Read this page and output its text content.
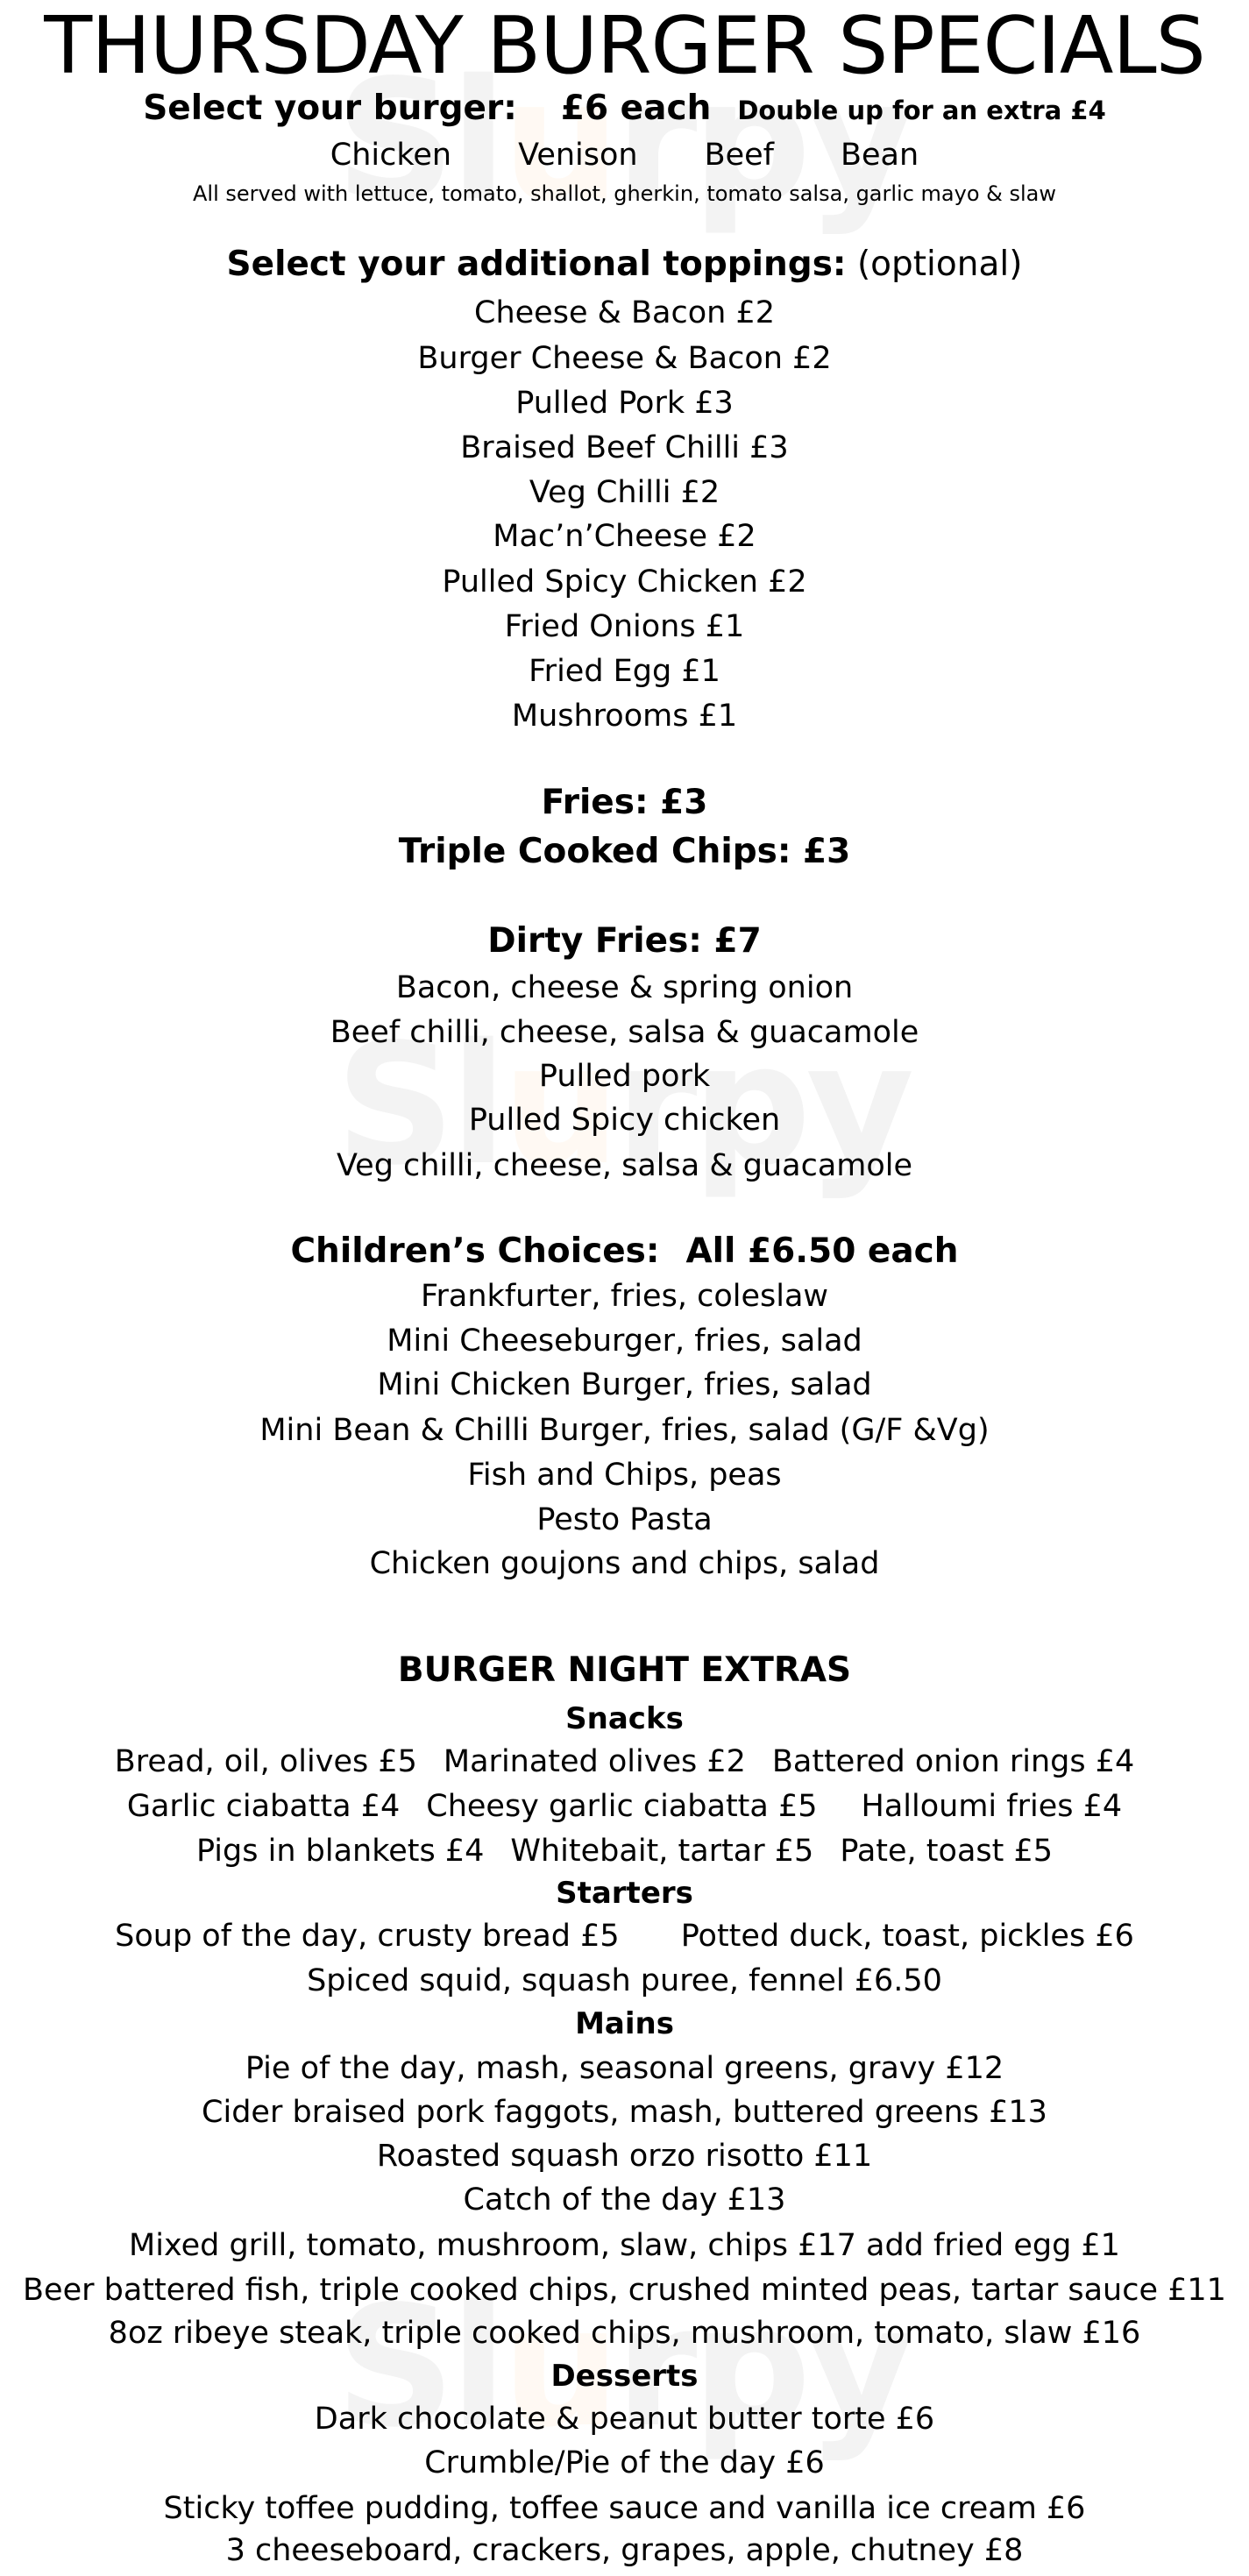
THURSDAY BURGER SPECIALS
Select your burger: £6 each Double up for an extra £4
Chicken Venison Beef Bean
All served with lettuce, tomato, shallot, gherkin, tomato salsa, garlic mayo & slaw
Select your additional toppings: (optional)
Cheese & Bacon £2
Burger Cheese & Bacon £2
Pulled Pork £3
Braised Beef Chilli £3
Veg Chilli £2
Mac’n’Cheese £2
Pulled Spicy Chicken £2
Fried Onions £1
Fried Egg £1
Mushrooms £1
Fries: £3
Triple Cooked Chips: £3
Dirty Fries: £7
Bacon, cheese & spring onion
Beef chilli, cheese, salsa & guacamole
Pulled pork
Pulled Spicy chicken
Veg chilli, cheese, salsa & guacamole
Children’s Choices: All £6.50 each
Frankfurter, fries, coleslaw
Mini Cheeseburger, fries, salad
Mini Chicken Burger, fries, salad
Mini Bean & Chilli Burger, fries, salad (G/F &Vg)
Fish and Chips, peas
Pesto Pasta
Chicken goujons and chips, salad
BURGER NIGHT EXTRAS
Snacks
Bread, oil, olives £5 Marinated olives £2 Battered onion rings £4
Garlic ciabatta £4 Cheesy garlic ciabatta £5 Halloumi fries £4
Pigs in blankets £4 Whitebait, tartar £5 Pate, toast £5
Starters
Soup of the day, crusty bread £5 Potted duck, toast, pickles £6
Spiced squid, squash puree, fennel £6.50
Mains
Pie of the day, mash, seasonal greens, gravy £12
Cider braised pork faggots, mash, buttered greens £13
Roasted squash orzo risotto £11
Catch of the day £13
Mixed grill, tomato, mushroom, slaw, chips £17 add fried egg £1
Beer battered fish, triple cooked chips, crushed minted peas, tartar sauce £11
8oz ribeye steak, triple cooked chips, mushroom, tomato, slaw £16
Desserts
Dark chocolate & peanut butter torte £6
Crumble/Pie of the day £6
Sticky toffee pudding, toffee sauce and vanilla ice cream £6
3 cheeseboard, crackers, grapes, apple, chutney £8
